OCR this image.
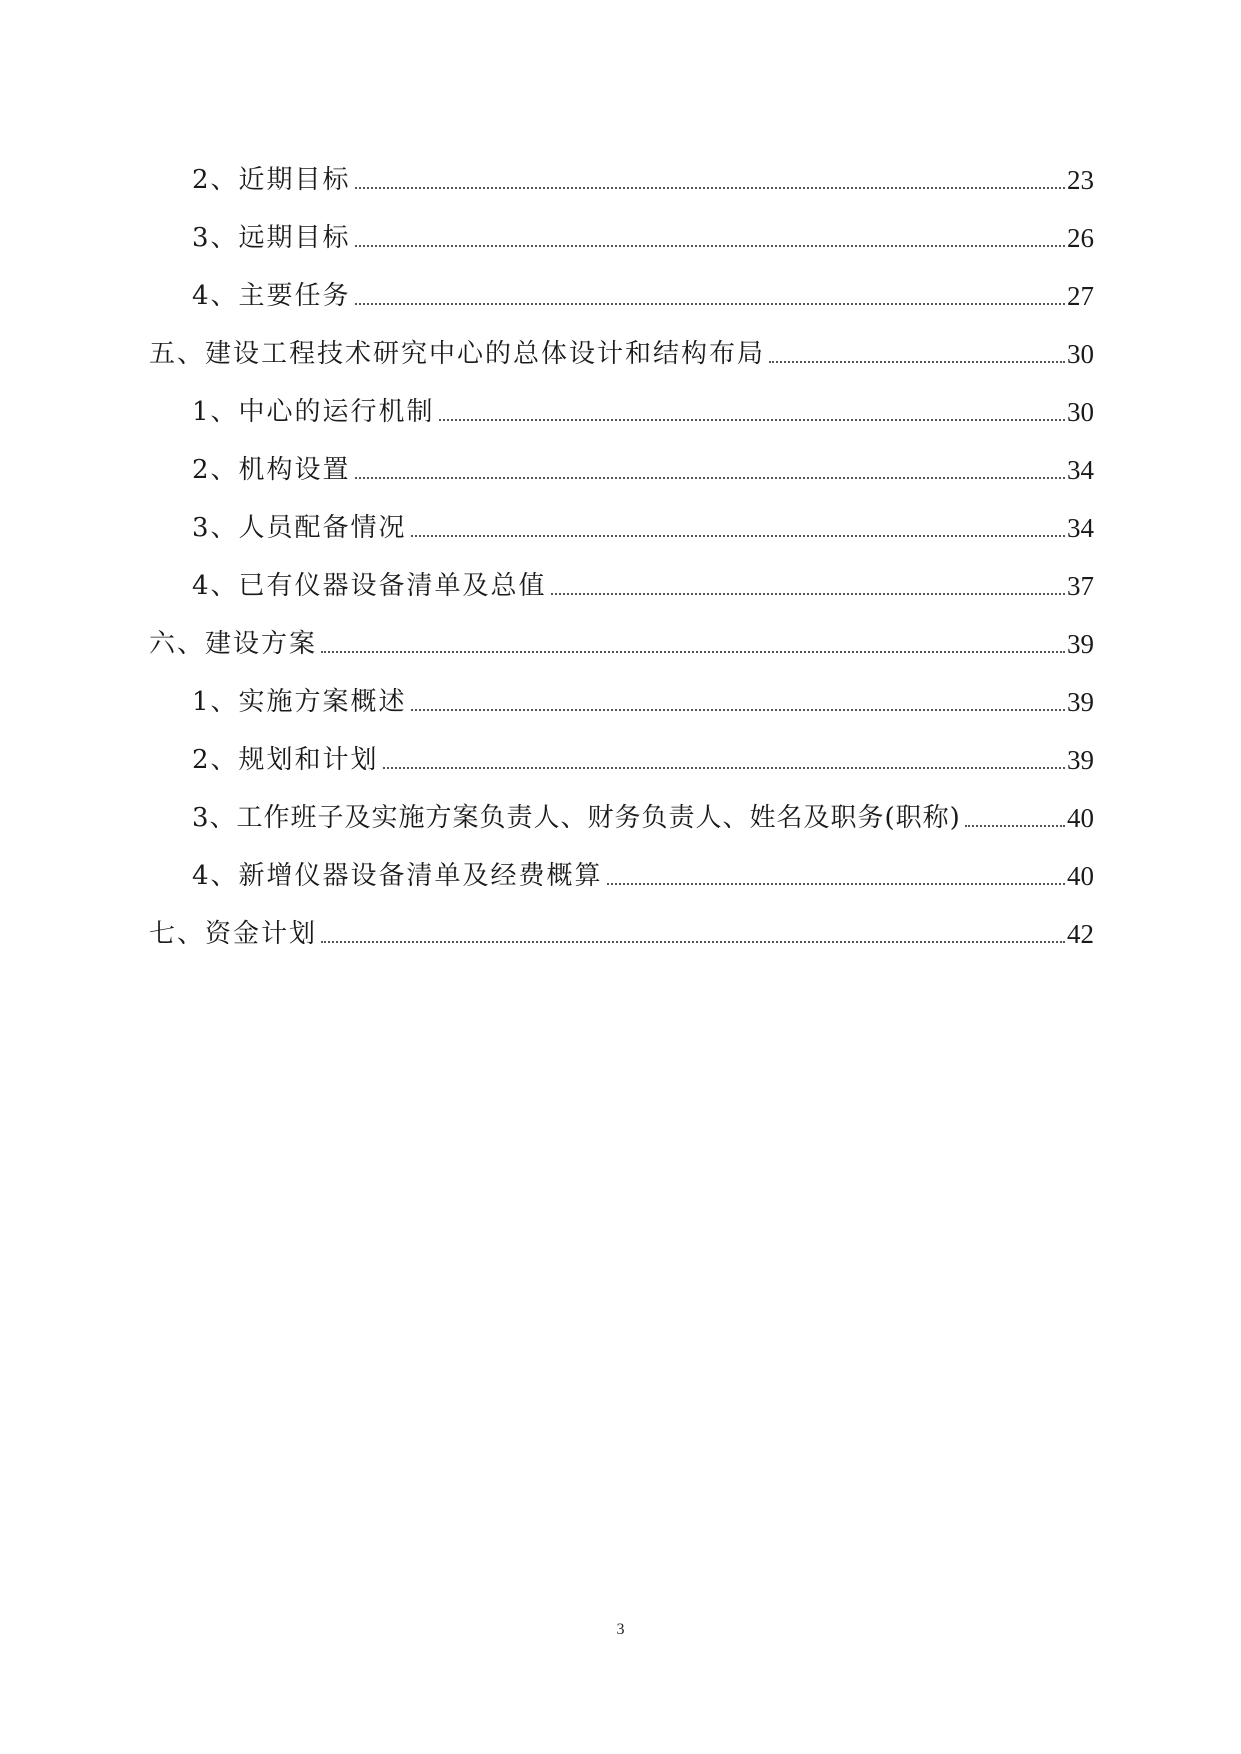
2、近期目标	23
3、远期目标	26
4、主要任务	27
五、建设工程技术研究中心的总体设计和结构布局	30
1、中心的运行机制	30
2、机构设置	34
3、人员配备情况	34
4、已有仪器设备清单及总值	37
六、建设方案	39
1、实施方案概述	39
2、规划和计划	39
3、工作班子及实施方案负责人、财务负责人、姓名及职务(职称)	40
4、新增仪器设备清单及经费概算	40
七、资金计划	42
3
